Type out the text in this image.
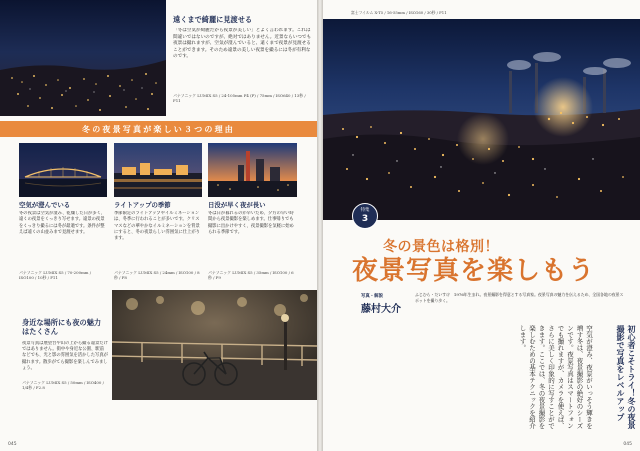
遠くまで綺麗に見渡せる
「冬は空気が綺麗だから夜景が美しい」とよく言われます。これは間違いではないのですが、絶対ではありません。近景ならいつでも夜景は撮れますが、空気が澄んでいると、遠くまで夜景が見渡せることができます。そのため遠景の美しい夜景を撮るには冬が有利なのです。
パナソニック LUMIX S5 / 24-105mm F4 (P) / 75mm / ISO640 / 13秒 / F11
冬の夜景写真が楽しい３つの理由
空気が澄んでいる
冬の夜景は空気が澄み、乾燥した日が多く、遠くの夜景をくっきり写せます。遠景の夜景をくっきり撮るには冬が最適です。条件が整えば遠くの山並みまで見渡せます。
パナソニック LUMIX S5 / 70-200mm / ISO100 / 10秒 / F11
ライトアップの季節
季節限定のライトアップやイルミネーションは、冬季に行われることが多いです。クリスマスなどの華やかなイルミネーションを背景にすると、冬の夜景らしい雰囲気に仕上がります。
パナソニック LUMIX S5 / 24mm / ISO100 / 8秒 / F8
日没が早く夜が長い
冬は日が暮れるのが早いため、夕方の早い時間から夜景撮影を楽しめます。仕事帰りでも撮影に出かけやすく、夜景撮影を気軽に始められる季節です。
パナソニック LUMIX S5 / 35mm / ISO100 / 6秒 / F9
身近な場所にも夜の魅力はたくさん
夜景写真は展望台や山の上から撮る遠景だけではありません。街中や身近な公園、駅前などでも、光と影の雰囲気を活かした写真が撮れます。散歩がてら撮影を楽しんでみましょう。
パナソニック LUMIX S5 / 50mm / ISO400 / 1/4秒 / F2.8
045
富士フイルム X-T5 / 16-55mm / ISO160 / 30秒 / F11
特集
3
冬の景色は格別！
夜景写真を楽しもう
写真・解説
藤村大介
ふじむら・だいすけ　1976年生まれ。夜景撮影を得意とする写真家。夜景写真の魅力を伝えるため、全国各地の夜景スポットを撮り歩く。
空気が澄み、夜景がいっそう輝きを増す冬は、夜景撮影の絶好のシーズンです。夜景写真はスマートフォンでも撮れますが、カメラを使えば、さらに美しく印象的に写すことができます。ここでは、冬の夜景撮影を楽しむための基本テクニックを紹介します。	初心者こそトライ！冬の夜景撮影で写真をレベルアップ
045
